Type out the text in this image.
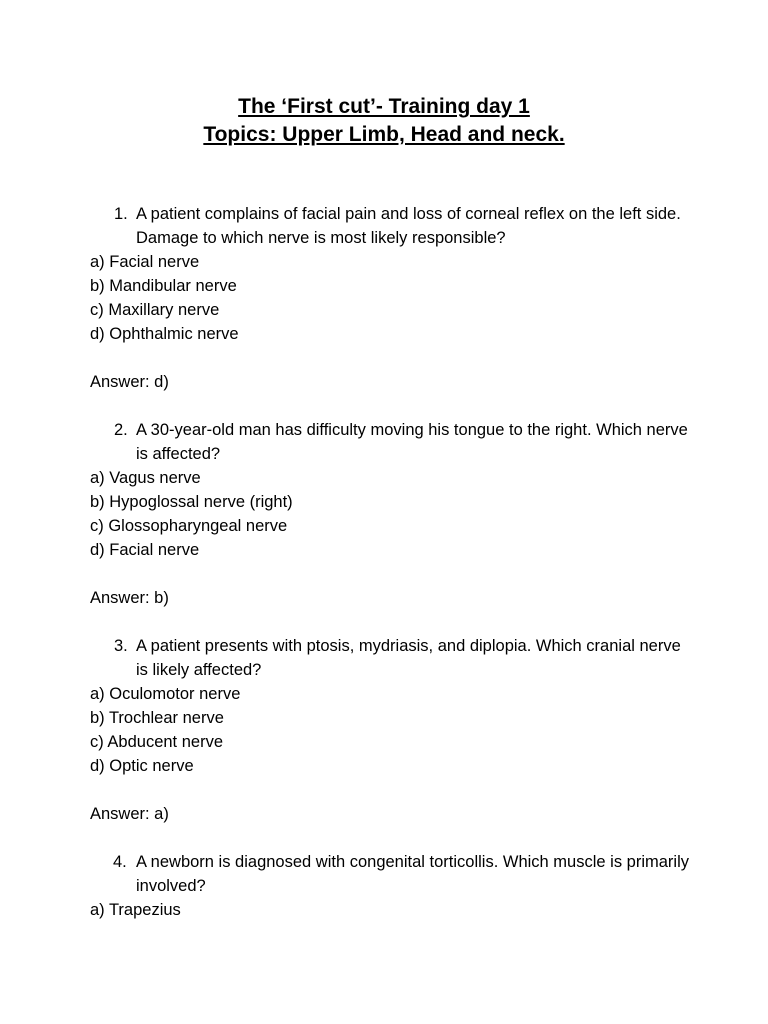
The ‘First cut’- Training day 1
Topics: Upper Limb, Head and neck.
1. A patient complains of facial pain and loss of corneal reflex on the left side. Damage to which nerve is most likely responsible?
a) Facial nerve
b) Mandibular nerve
c) Maxillary nerve
d) Ophthalmic nerve
Answer: d)
2. A 30-year-old man has difficulty moving his tongue to the right. Which nerve is affected?
a) Vagus nerve
b) Hypoglossal nerve (right)
c) Glossopharyngeal nerve
d) Facial nerve
Answer: b)
3. A patient presents with ptosis, mydriasis, and diplopia. Which cranial nerve is likely affected?
a) Oculomotor nerve
b) Trochlear nerve
c) Abducent nerve
d) Optic nerve
Answer: a)
4. A newborn is diagnosed with congenital torticollis. Which muscle is primarily involved?
a) Trapezius
